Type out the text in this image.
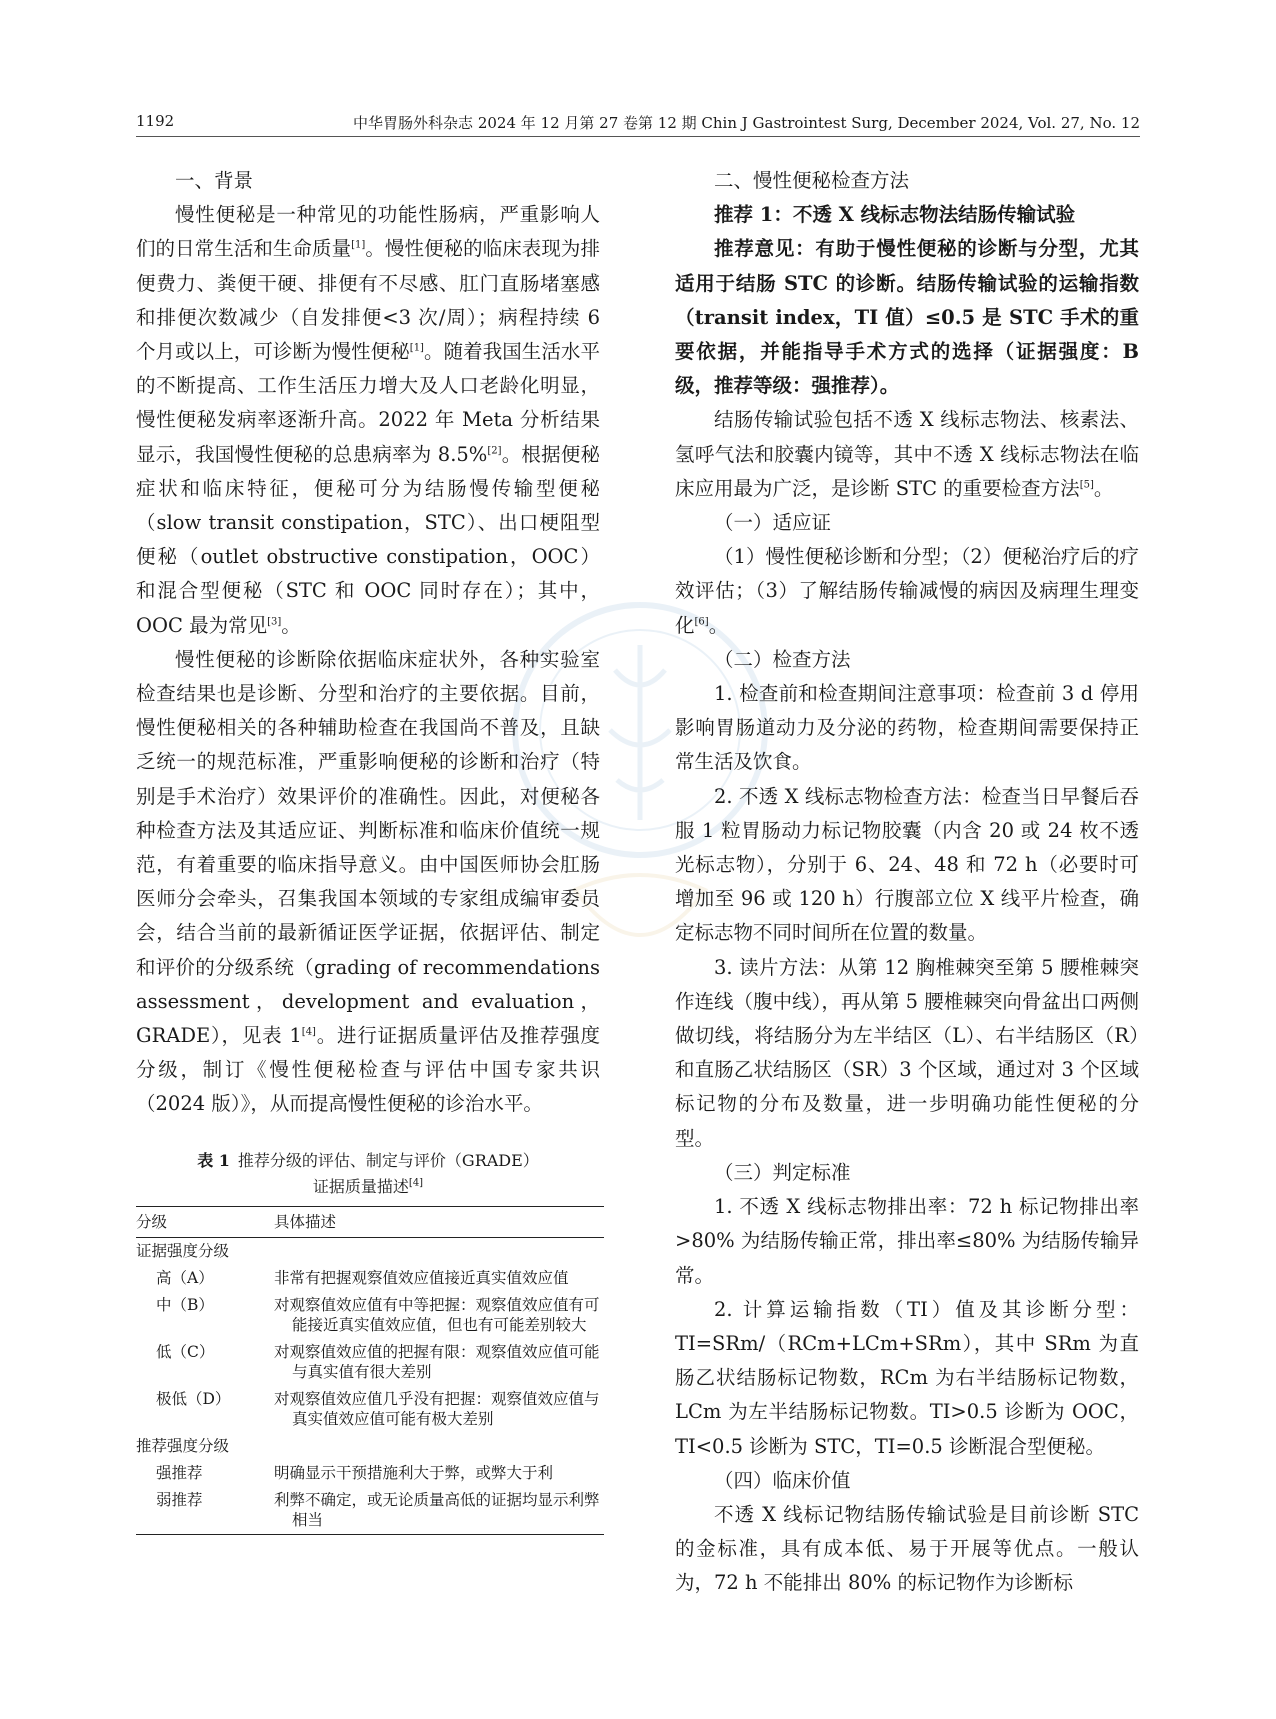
1192	中华胃肠外科杂志 2024 年 12 月第 27 卷第 12 期 Chin J Gastrointest Surg, December 2024, Vol. 27, No. 12

一、背景

慢性便秘是一种常见的功能性肠病，严重影响人们的日常生活和生命质量[1]。慢性便秘的临床表现为排便费力、粪便干硬、排便有不尽感、肛门直肠堵塞感和排便次数减少（自发排便<3 次/周）；病程持续 6 个月或以上，可诊断为慢性便秘[1]。随着我国生活水平的不断提高、工作生活压力增大及人口老龄化明显，慢性便秘发病率逐渐升高。2022 年 Meta 分析结果显示，我国慢性便秘的总患病率为 8.5%[2]。根据便秘症状和临床特征，便秘可分为结肠慢传输型便秘（slow transit constipation，STC）、出口梗阻型便秘（outlet obstructive constipation，OOC）和混合型便秘（STC 和 OOC 同时存在）；其中，OOC 最为常见[3]。

慢性便秘的诊断除依据临床症状外，各种实验室检查结果也是诊断、分型和治疗的主要依据。目前，慢性便秘相关的各种辅助检查在我国尚不普及，且缺乏统一的规范标准，严重影响便秘的诊断和治疗（特别是手术治疗）效果评价的准确性。因此，对便秘各种检查方法及其适应证、判断标准和临床价值统一规范，有着重要的临床指导意义。由中国医师协会肛肠医师分会牵头，召集我国本领域的专家组成编审委员会，结合当前的最新循证医学证据，依据评估、制定和评价的分级系统（grading of recommendations assessment，development and evaluation，GRADE），见表 1[4]。进行证据质量评估及推荐强度分级，制订《慢性便秘检查与评估中国专家共识（2024 版）》，从而提高慢性便秘的诊治水平。

表 1 推荐分级的评估、制定与评价（GRADE）
证据质量描述[4]
分级	具体描述
证据强度分级	
高（A）	非常有把握观察值效应值接近真实值效应值
中（B）	对观察值效应值有中等把握：观察值效应值有可
能接近真实值效应值，但也有可能差别较大

低（C）	对观察值效应值的把握有限：观察值效应值可能
与真实值有很大差别

极低（D）	对观察值效应值几乎没有把握：观察值效应值与
真实值效应值可能有极大差别

推荐强度分级	
强推荐	明确显示干预措施利大于弊，或弊大于利
弱推荐	利弊不确定，或无论质量高低的证据均显示利弊
相当

二、慢性便秘检查方法

推荐 1：不透 X 线标志物法结肠传输试验

推荐意见：有助于慢性便秘的诊断与分型，尤其适用于结肠 STC 的诊断。结肠传输试验的运输指数（transit index，TI 值）≤0.5 是 STC 手术的重要依据，并能指导手术方式的选择（证据强度：B 级，推荐等级：强推荐）。

结肠传输试验包括不透 X 线标志物法、核素法、氢呼气法和胶囊内镜等，其中不透 X 线标志物法在临床应用最为广泛，是诊断 STC 的重要检查方法[5]。

（一）适应证

（1）慢性便秘诊断和分型；（2）便秘治疗后的疗效评估；（3）了解结肠传输减慢的病因及病理生理变化[6]。

（二）检查方法

1. 检查前和检查期间注意事项：检查前 3 d 停用影响胃肠道动力及分泌的药物，检查期间需要保持正常生活及饮食。

2. 不透 X 线标志物检查方法：检查当日早餐后吞服 1 粒胃肠动力标记物胶囊（内含 20 或 24 枚不透光标志物），分别于 6、24、48 和 72 h（必要时可增加至 96 或 120 h）行腹部立位 X 线平片检查，确定标志物不同时间所在位置的数量。

3. 读片方法：从第 12 胸椎棘突至第 5 腰椎棘突作连线（腹中线），再从第 5 腰椎棘突向骨盆出口两侧做切线，将结肠分为左半结区（L）、右半结肠区（R）和直肠乙状结肠区（SR）3 个区域，通过对 3 个区域标记物的分布及数量，进一步明确功能性便秘的分型。

（三）判定标准

1. 不透 X 线标志物排出率：72 h 标记物排出率>80% 为结肠传输正常，排出率≤80% 为结肠传输异常。

2. 计算运输指数（TI）值及其诊断分型：TI=SRm/（RCm+LCm+SRm），其中 SRm 为直肠乙状结肠标记物数，RCm 为右半结肠标记物数，LCm 为左半结肠标记物数。TI>0.5 诊断为 OOC，TI<0.5 诊断为 STC，TI=0.5 诊断混合型便秘。

（四）临床价值

不透 X 线标记物结肠传输试验是目前诊断 STC 的金标准，具有成本低、易于开展等优点。一般认为，72 h 不能排出 80% 的标记物作为诊断标
